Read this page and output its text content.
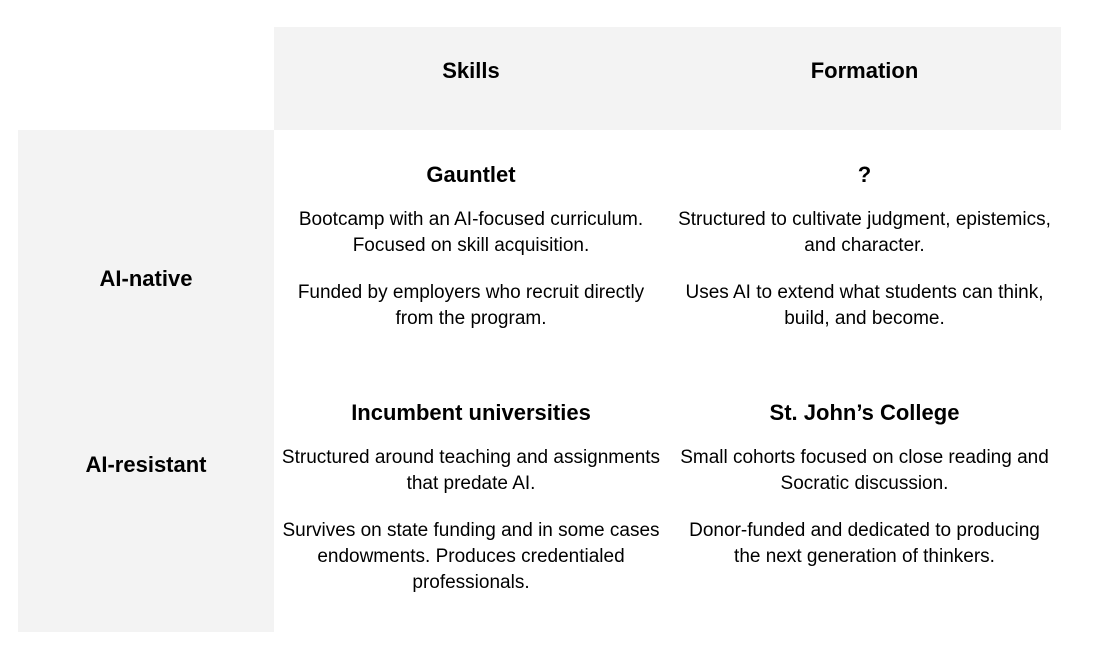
Skills	Formation
AI-native
AI-resistant
Gauntlet
Bootcamp with an AI-focused curriculum. Focused on skill acquisition.
Funded by employers who recruit directly from the program.
?
Structured to cultivate judgment, epistemics, and character.
Uses AI to extend what students can think, build, and become.
Incumbent universities
Structured around teaching and assignments that predate AI.
Survives on state funding and in some cases endowments. Produces credentialed professionals.
St. John’s College
Small cohorts focused on close reading and Socratic discussion.
Donor-funded and dedicated to producing the next generation of thinkers.
